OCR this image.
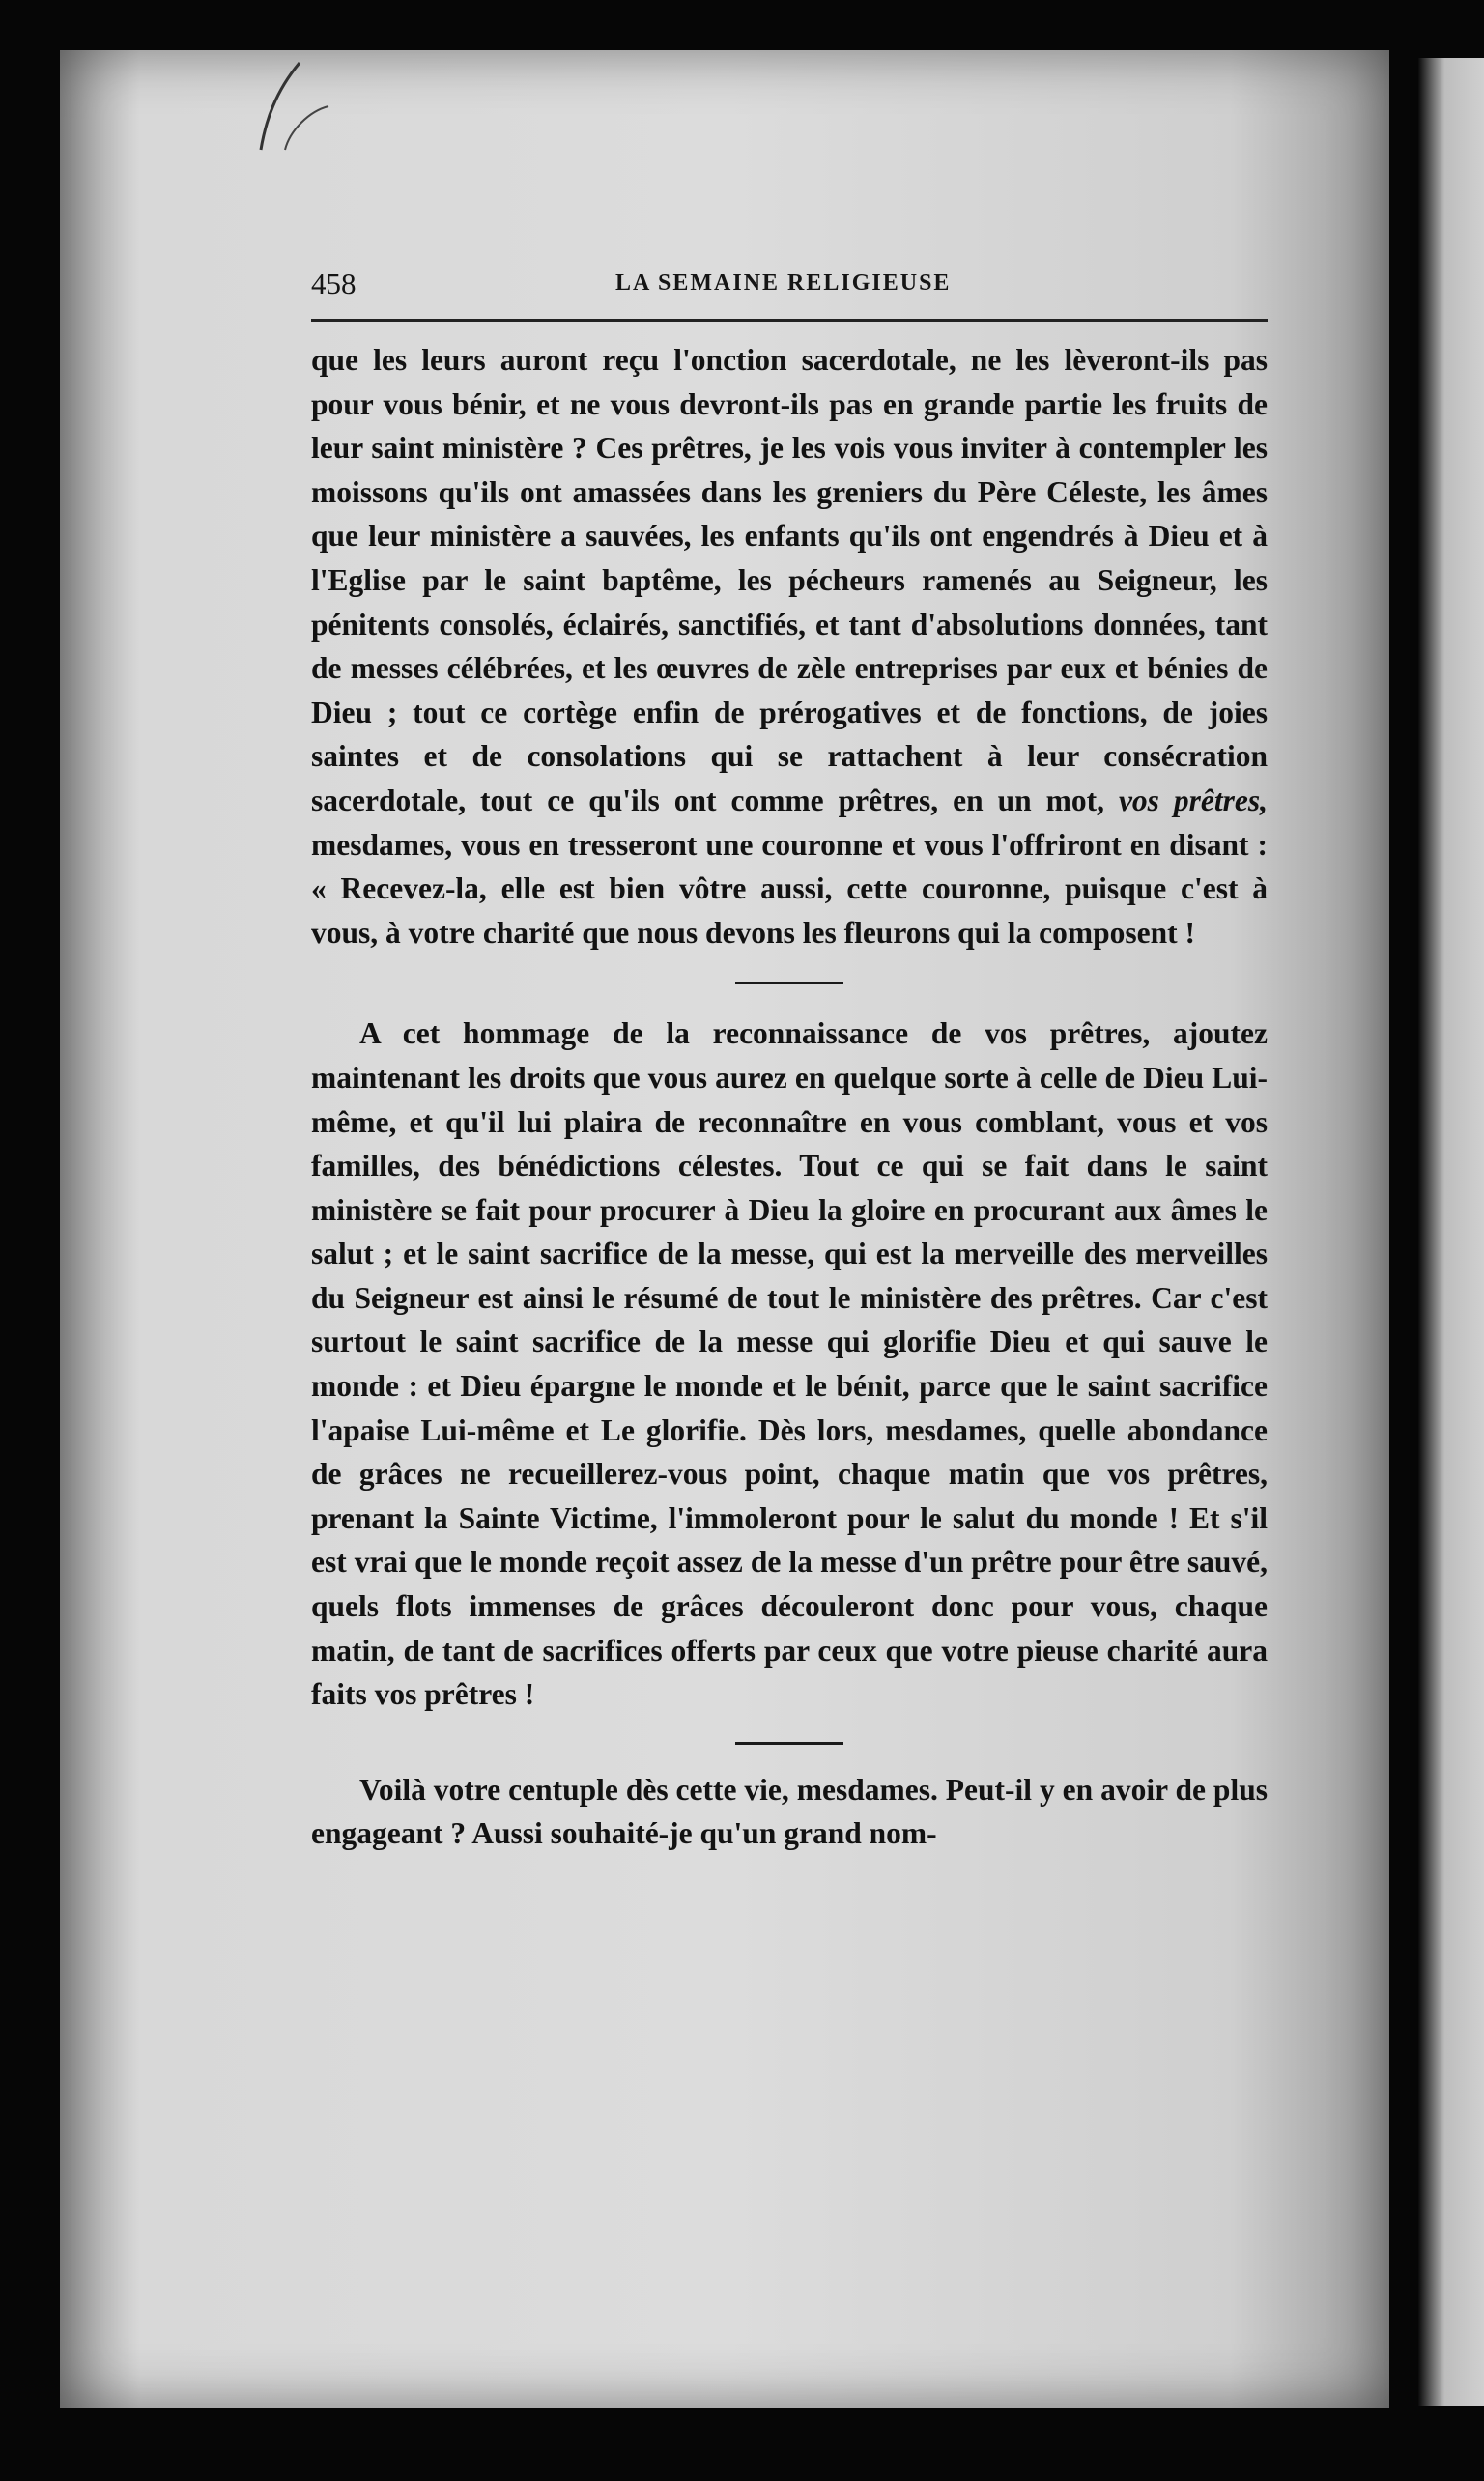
458	LA SEMAINE RELIGIEUSE

que les leurs auront reçu l'onction sacerdotale, ne les lèveront-ils pas pour vous bénir, et ne vous devront-ils pas en grande partie les fruits de leur saint ministère ? Ces prêtres, je les vois vous inviter à contempler les moissons qu'ils ont amassées dans les greniers du Père Céleste, les âmes que leur ministère a sauvées, les enfants qu'ils ont engendrés à Dieu et à l'Eglise par le saint baptême, les pécheurs ramenés au Seigneur, les pénitents consolés, éclairés, sanctifiés, et tant d'absolutions données, tant de messes célébrées, et les œuvres de zèle entreprises par eux et bénies de Dieu ; tout ce cortège enfin de prérogatives et de fonctions, de joies saintes et de consolations qui se rattachent à leur consécration sacerdotale, tout ce qu'ils ont comme prêtres, en un mot, vos prêtres, mesdames, vous en tresseront une couronne et vous l'offriront en disant : « Recevez-la, elle est bien vôtre aussi, cette couronne, puisque c'est à vous, à votre charité que nous devons les fleurons qui la composent !

A cet hommage de la reconnaissance de vos prêtres, ajoutez maintenant les droits que vous aurez en quelque sorte à celle de Dieu Lui-même, et qu'il lui plaira de reconnaître en vous comblant, vous et vos familles, des bénédictions célestes. Tout ce qui se fait dans le saint ministère se fait pour procurer à Dieu la gloire en procurant aux âmes le salut ; et le saint sacrifice de la messe, qui est la merveille des merveilles du Seigneur est ainsi le résumé de tout le ministère des prêtres. Car c'est surtout le saint sacrifice de la messe qui glorifie Dieu et qui sauve le monde : et Dieu épargne le monde et le bénit, parce que le saint sacrifice l'apaise Lui-même et Le glorifie. Dès lors, mesdames, quelle abondance de grâces ne recueillerez-vous point, chaque matin que vos prêtres, prenant la Sainte Victime, l'immoleront pour le salut du monde ! Et s'il est vrai que le monde reçoit assez de la messe d'un prêtre pour être sauvé, quels flots immenses de grâces découleront donc pour vous, chaque matin, de tant de sacrifices offerts par ceux que votre pieuse charité aura faits vos prêtres !

Voilà votre centuple dès cette vie, mesdames. Peut-il y en avoir de plus engageant ? Aussi souhaité-je qu'un grand nom-
